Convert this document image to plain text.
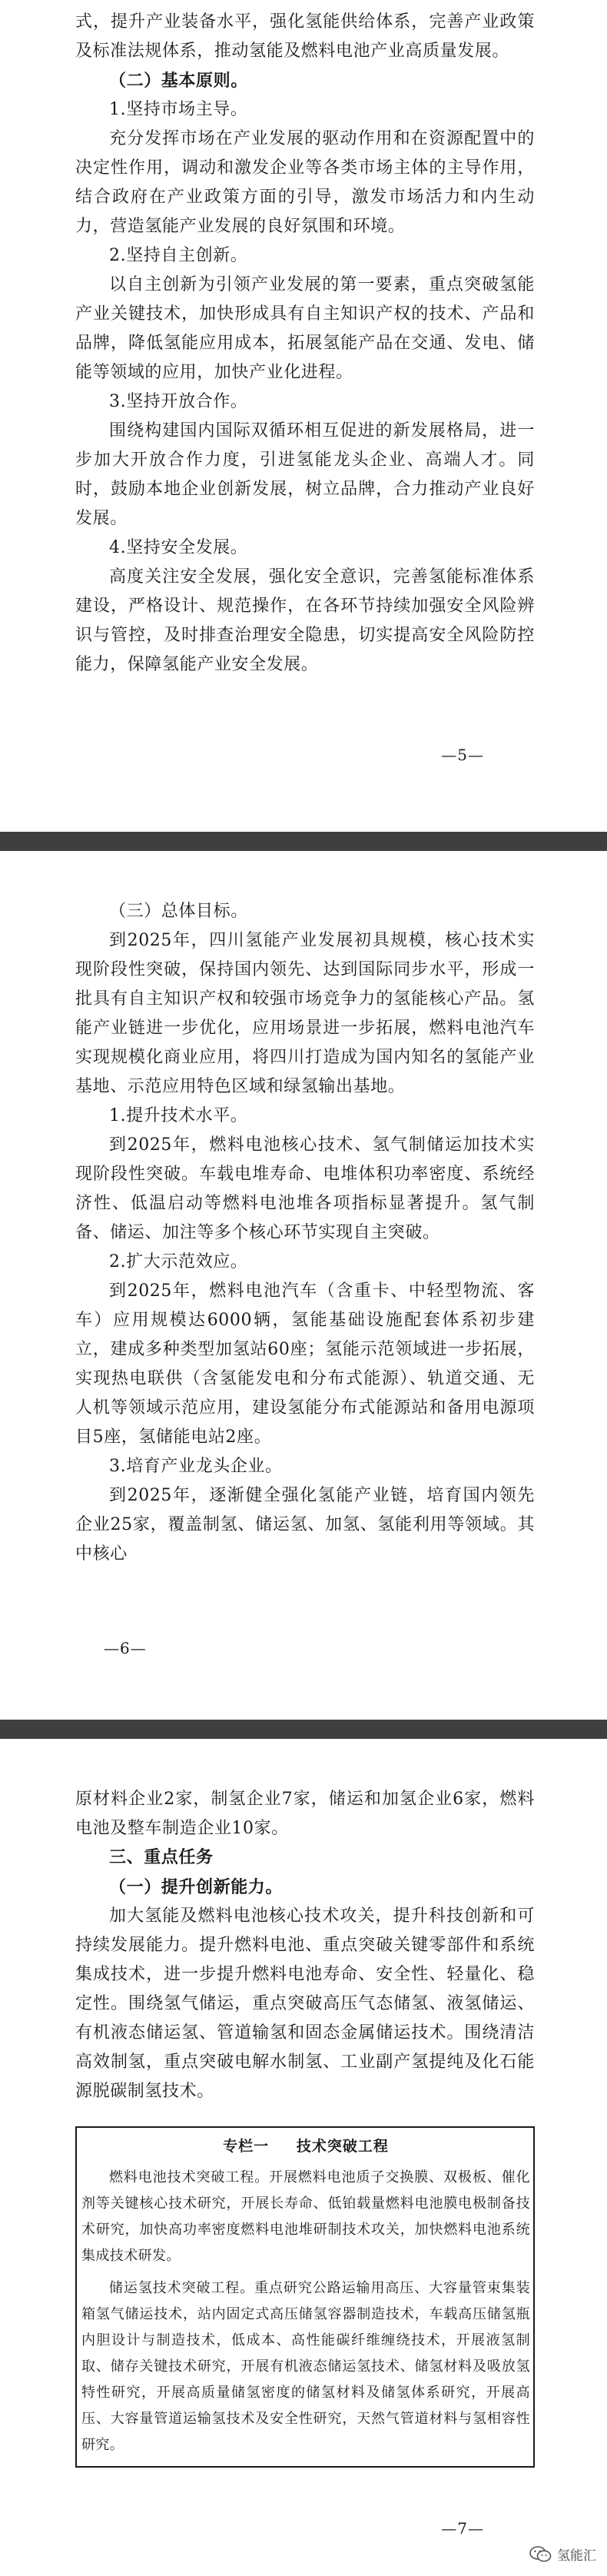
式，提升产业装备水平，强化氢能供给体系，完善产业政策及标准法规体系，推动氢能及燃料电池产业高质量发展。

（二）基本原则。

1.坚持市场主导。

充分发挥市场在产业发展的驱动作用和在资源配置中的决定性作用，调动和激发企业等各类市场主体的主导作用，结合政府在产业政策方面的引导，激发市场活力和内生动力，营造氢能产业发展的良好氛围和环境。

2.坚持自主创新。

以自主创新为引领产业发展的第一要素，重点突破氢能产业关键技术，加快形成具有自主知识产权的技术、产品和品牌，降低氢能应用成本，拓展氢能产品在交通、发电、储能等领域的应用，加快产业化进程。

3.坚持开放合作。

围绕构建国内国际双循环相互促进的新发展格局，进一步加大开放合作力度，引进氢能龙头企业、高端人才。同时，鼓励本地企业创新发展，树立品牌，合力推动产业良好发展。

4.坚持安全发展。

高度关注安全发展，强化安全意识，完善氢能标准体系建设，严格设计、规范操作，在各环节持续加强安全风险辨识与管控，及时排查治理安全隐患，切实提高安全风险防控能力，保障氢能产业安全发展。

—5—

（三）总体目标。

到2025年，四川氢能产业发展初具规模，核心技术实现阶段性突破，保持国内领先、达到国际同步水平，形成一批具有自主知识产权和较强市场竞争力的氢能核心产品。氢能产业链进一步优化，应用场景进一步拓展，燃料电池汽车实现规模化商业应用，将四川打造成为国内知名的氢能产业基地、示范应用特色区域和绿氢输出基地。

1.提升技术水平。

到2025年，燃料电池核心技术、氢气制储运加技术实现阶段性突破。车载电堆寿命、电堆体积功率密度、系统经济性、低温启动等燃料电池堆各项指标显著提升。氢气制备、储运、加注等多个核心环节实现自主突破。

2.扩大示范效应。

到2025年，燃料电池汽车（含重卡、中轻型物流、客车）应用规模达6000辆，氢能基础设施配套体系初步建立，建成多种类型加氢站60座；氢能示范领域进一步拓展，实现热电联供（含氢能发电和分布式能源）、轨道交通、无人机等领域示范应用，建设氢能分布式能源站和备用电源项目5座，氢储能电站2座。

3.培育产业龙头企业。

到2025年，逐渐健全强化氢能产业链，培育国内领先企业25家，覆盖制氢、储运氢、加氢、氢能利用等领域。其中核心

—6—

原材料企业2家，制氢企业7家，储运和加氢企业6家，燃料电池及整车制造企业10家。

三、重点任务

（一）提升创新能力。

加大氢能及燃料电池核心技术攻关，提升科技创新和可持续发展能力。提升燃料电池、重点突破关键零部件和系统集成技术，进一步提升燃料电池寿命、安全性、轻量化、稳定性。围绕氢气储运，重点突破高压气态储氢、液氢储运、有机液态储运氢、管道输氢和固态金属储运技术。围绕清洁高效制氢，重点突破电解水制氢、工业副产氢提纯及化石能源脱碳制氢技术。

专栏一 技术突破工程

燃料电池技术突破工程。开展燃料电池质子交换膜、双极板、催化剂等关键核心技术研究，开展长寿命、低铂载量燃料电池膜电极制备技术研究，加快高功率密度燃料电池堆研制技术攻关，加快燃料电池系统集成技术研发。

储运氢技术突破工程。重点研究公路运输用高压、大容量管束集装箱氢气储运技术，站内固定式高压储氢容器制造技术，车载高压储氢瓶内胆设计与制造技术，低成本、高性能碳纤维缠绕技术，开展液氢制取、储存关键技术研究，开展有机液态储运氢技术、储氢材料及吸放氢特性研究，开展高质量储氢密度的储氢材料及储氢体系研究，开展高压、大容量管道运输氢技术及安全性研究，天然气管道材料与氢相容性研究。

—7—
氢能汇
